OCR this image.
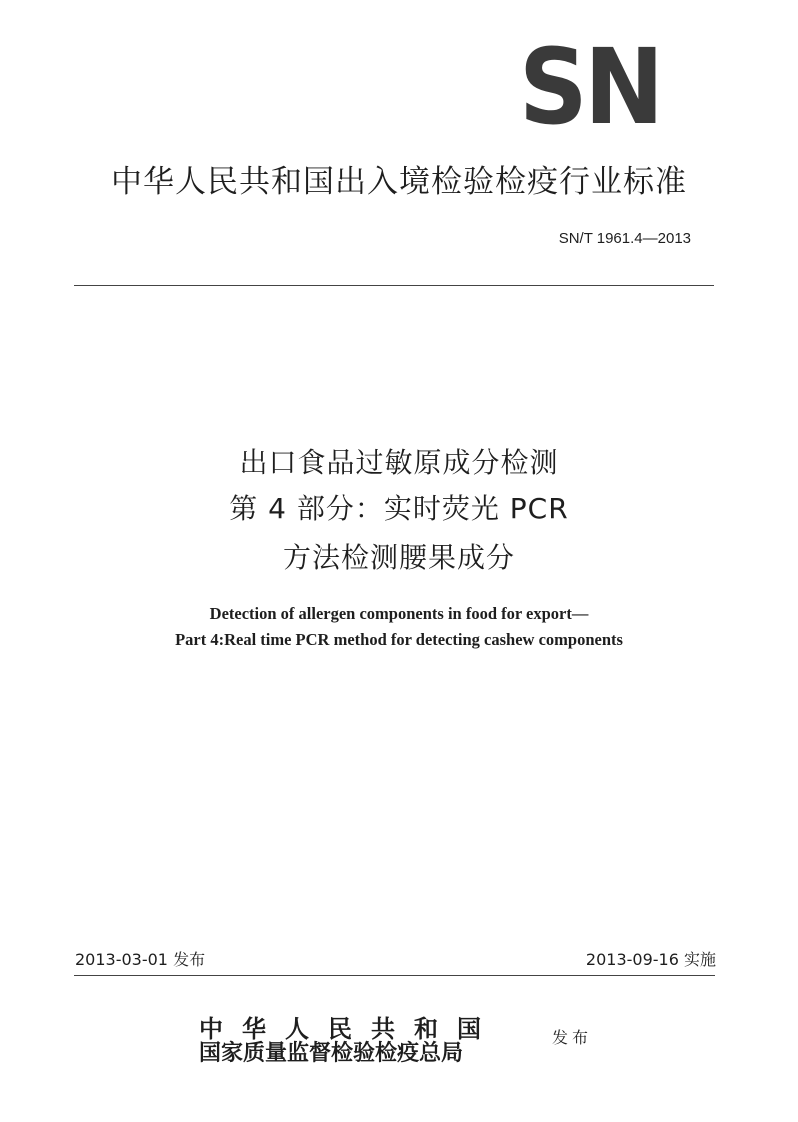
SN
中华人民共和国出入境检验检疫行业标准
SN/T 1961.4—2013
出口食品过敏原成分检测
第 4 部分：实时荧光 PCR
方法检测腰果成分
Detection of allergen components in food for export—
Part 4:Real time PCR method for detecting cashew components
2013-03-01 发布	2013-09-16 实施
中华人民共和国
国家质量监督检验检疫总局
发布
